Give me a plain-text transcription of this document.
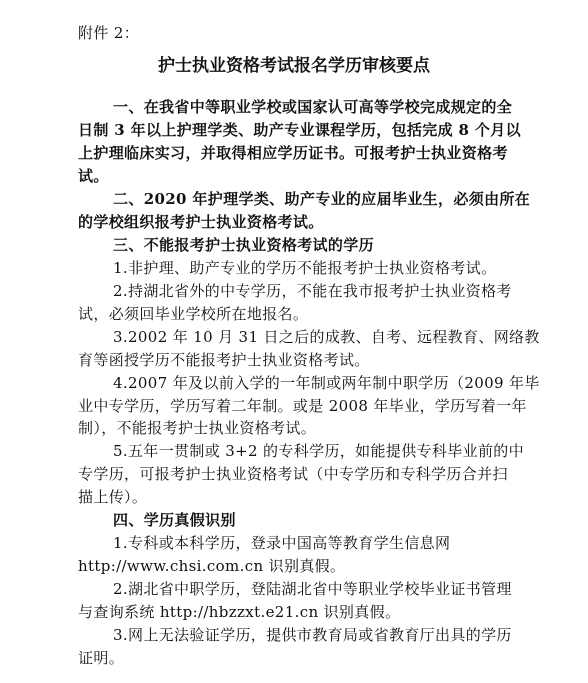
附件 2：
护士执业资格考试报名学历审核要点
一、在我省中等职业学校或国家认可高等学校完成规定的全
日制 3 年以上护理学类、助产专业课程学历，包括完成 8 个月以
上护理临床实习，并取得相应学历证书。可报考护士执业资格考
试。
二、2020 年护理学类、助产专业的应届毕业生，必须由所在
的学校组织报考护士执业资格考试。
三、不能报考护士执业资格考试的学历
1.非护理、助产专业的学历不能报考护士执业资格考试。
2.持湖北省外的中专学历，不能在我市报考护士执业资格考
试，必须回毕业学校所在地报名。
3.2002 年 10 月 31 日之后的成教、自考、远程教育、网络教
育等函授学历不能报考护士执业资格考试。
4.2007 年及以前入学的一年制或两年制中职学历（2009 年毕
业中专学历，学历写着二年制。或是 2008 年毕业，学历写着一年
制），不能报考护士执业资格考试。
5.五年一贯制或 3+2 的专科学历，如能提供专科毕业前的中
专学历，可报考护士执业资格考试（中专学历和专科学历合并扫
描上传）。
四、学历真假识别
1.专科或本科学历，登录中国高等教育学生信息网
http://www.chsi.com.cn 识别真假。
2.湖北省中职学历，登陆湖北省中等职业学校毕业证书管理
与查询系统 http://hbzzxt.e21.cn 识别真假。
3.网上无法验证学历，提供市教育局或省教育厅出具的学历
证明。
